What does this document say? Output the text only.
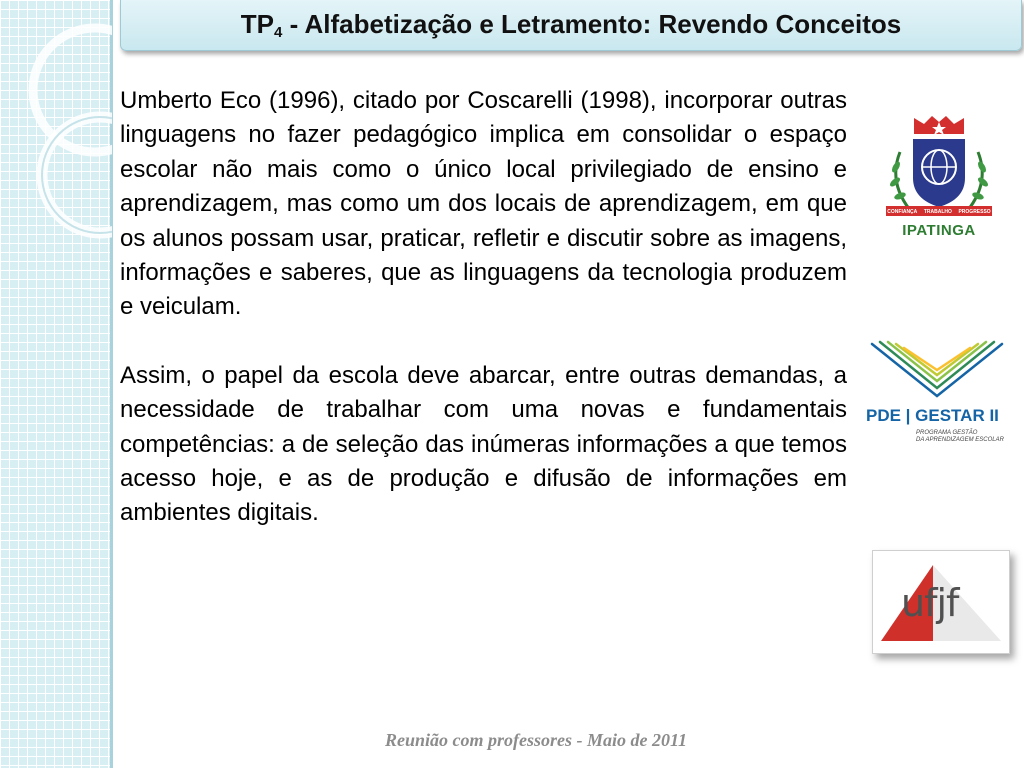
$TP_4$ - Alfabetização e Letramento: Revendo Conceitos

Umberto Eco (1996), citado por Coscarelli (1998), incorporar outras linguagens no fazer pedagógico implica em consolidar o espaço escolar não mais como o único local privilegiado de ensino e aprendizagem, mas como um dos locais de aprendizagem, em que os alunos possam usar, praticar, refletir e discutir sobre as imagens, informações e saberes, que as linguagens da tecnologia produzem e veiculam.

Assim, o papel da escola deve abarcar, entre outras demandas, a necessidade de trabalhar com uma novas e fundamentais competências: a de seleção das inúmeras informações a que temos acesso hoje, e as de produção e difusão de informações em ambientes digitais.

CONFIANÇA TRABALHO PROGRESSO
IPATINGA
PDE | GESTAR II
PROGRAMA GESTÃO
DA APRENDIZAGEM ESCOLAR
ufjf
Reunião com professores - Maio de 2011
